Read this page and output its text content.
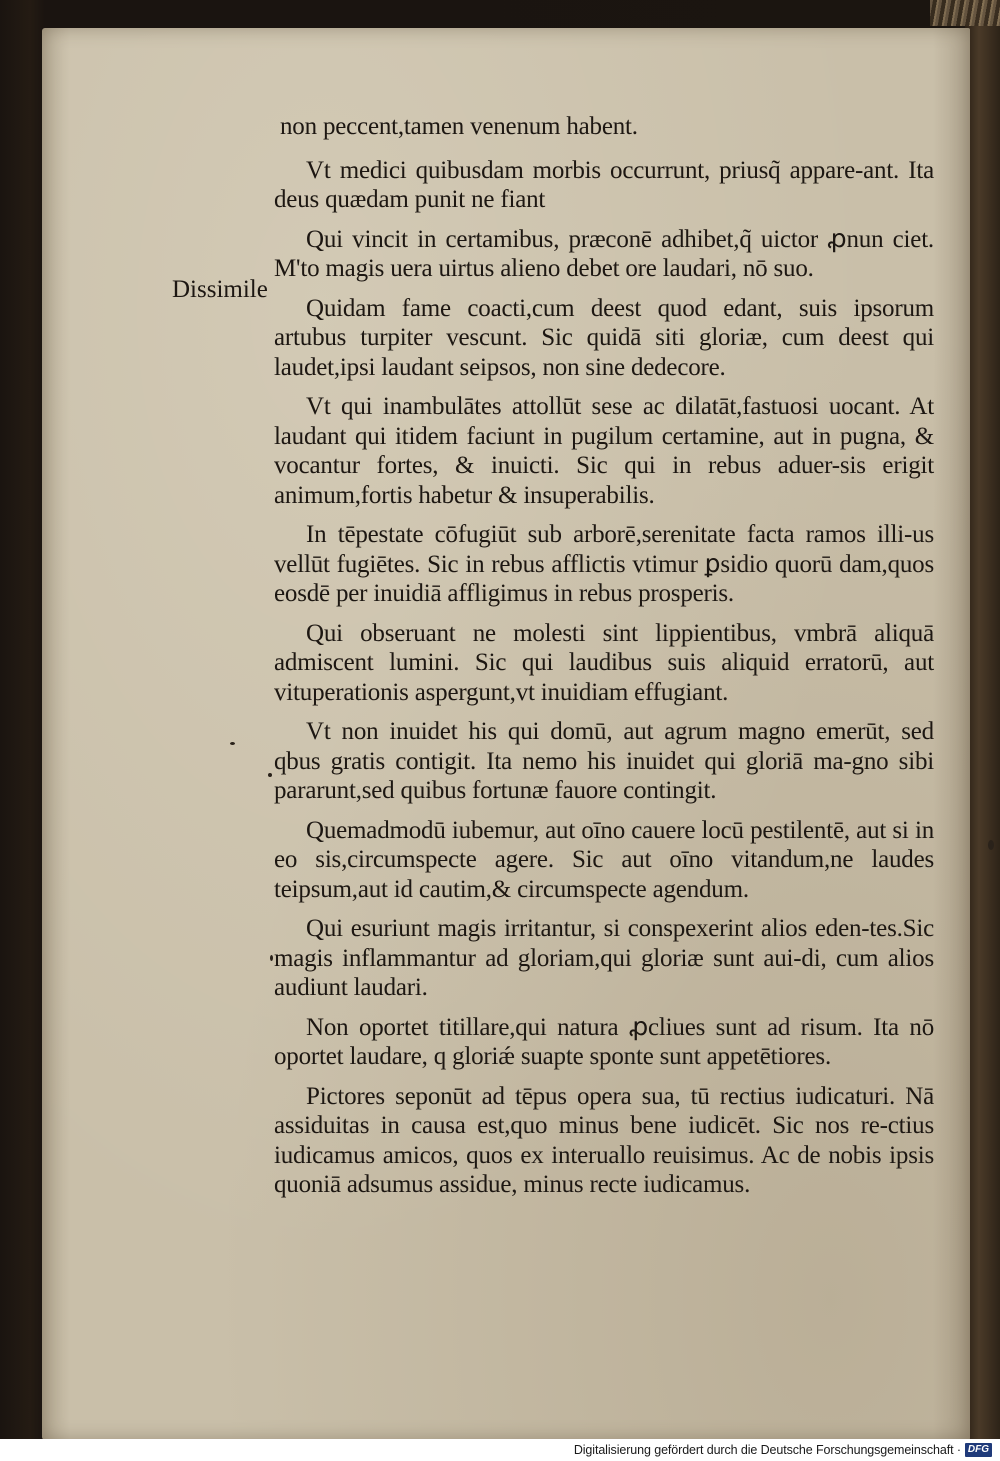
Dissimile

non peccent,tamen venenum habent.

Vt medici quibusdam morbis occurrunt, priusq̃ appare-ant. Ita deus quædam punit ne fiant

Qui vincit in certamibus, præconē adhibet,q̃ uictor ꝓnun ciet. M'to magis uera uirtus alieno debet ore laudari, nō suo.

Quidam fame coacti,cum deest quod edant, suis ipsorum artubus turpiter vescunt. Sic quidā siti gloriæ, cum deest qui laudet,ipsi laudant seipsos, non sine dedecore.

Vt qui inambulātes attollūt sese ac dilatāt,fastuosi uocant. At laudant qui itidem faciunt in pugilum certamine, aut in pugna, & vocantur fortes, & inuicti. Sic qui in rebus aduer-sis erigit animum,fortis habetur & insuperabilis.

In tēpestate cōfugiūt sub arborē,serenitate facta ramos illi-us vellūt fugiētes. Sic in rebus afflictis vtimur ꝑsidio quorū dam,quos eosdē per inuidiā affligimus in rebus prosperis.

Qui obseruant ne molesti sint lippientibus, vmbrā aliquā admiscent lumini. Sic qui laudibus suis aliquid erratorū, aut vituperationis aspergunt,vt inuidiam effugiant.

Vt non inuidet his qui domū, aut agrum magno emerūt, sed qbus gratis contigit. Ita nemo his inuidet qui gloriā ma-gno sibi pararunt,sed quibus fortunæ fauore contingit.

Quemadmodū iubemur, aut oīno cauere locū pestilentē, aut si in eo sis,circumspecte agere. Sic aut oīno vitandum,ne laudes teipsum,aut id cautim,& circumspecte agendum.

Qui esuriunt magis irritantur, si conspexerint alios eden-tes.Sic magis inflammantur ad gloriam,qui gloriæ sunt aui-di, cum alios audiunt laudari.

Non oportet titillare,qui natura ꝓcliues sunt ad risum. Ita nō oportet laudare, q gloriǽ suapte sponte sunt appetētiores.

Pictores seponūt ad tēpus opera sua, tū rectius iudicaturi. Nā assiduitas in causa est,quo minus bene iudicēt. Sic nos re-ctius iudicamus amicos, quos ex interuallo reuisimus. Ac de nobis ipsis quoniā adsumus assidue, minus recte iudicamus.

Digitalisierung gefördert durch die Deutsche Forschungsgemeinschaft · DFG
